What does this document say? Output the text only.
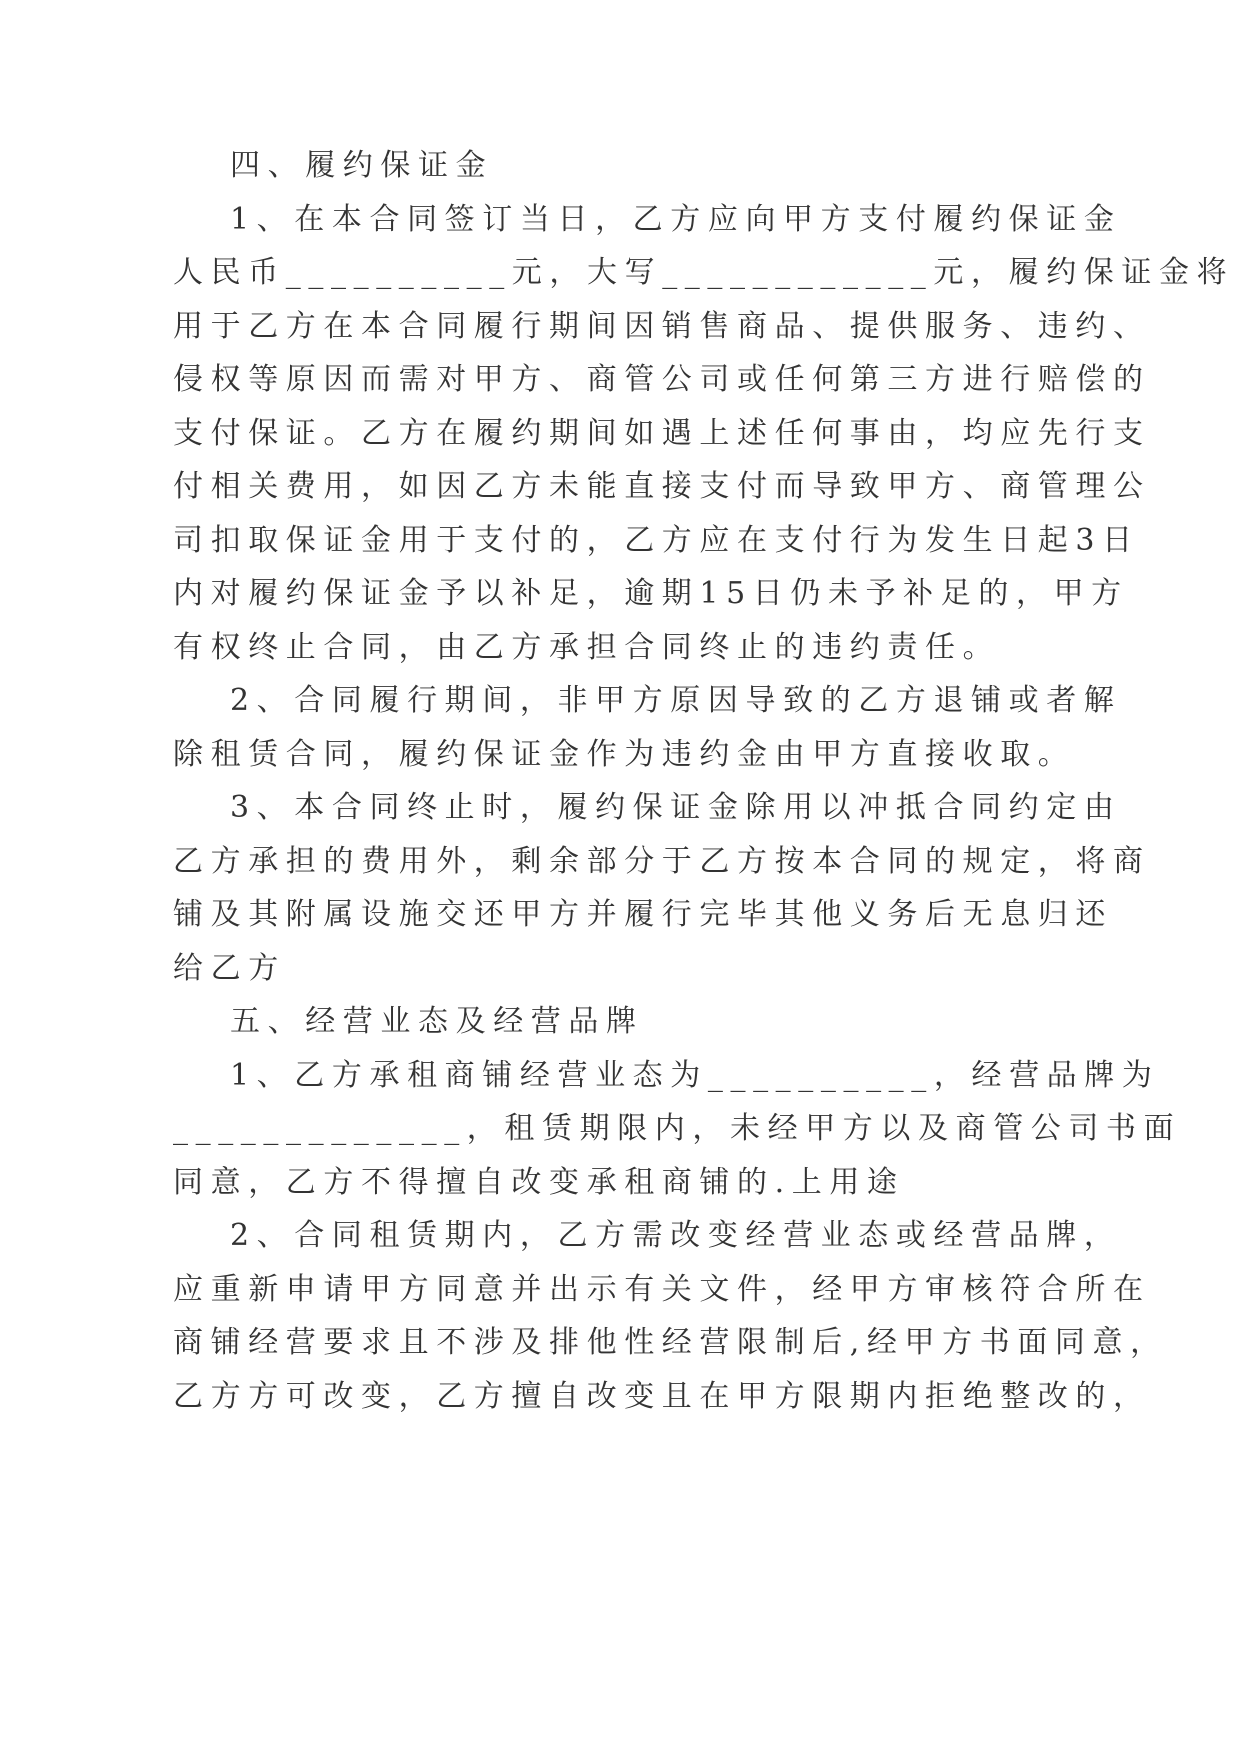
四、履约保证金
1、在本合同签订当日，乙方应向甲方支付履约保证金
人民币__________元，大写____________元，履约保证金将
用于乙方在本合同履行期间因销售商品、提供服务、违约、
侵权等原因而需对甲方、商管公司或任何第三方进行赔偿的
支付保证。乙方在履约期间如遇上述任何事由，均应先行支
付相关费用，如因乙方未能直接支付而导致甲方、商管理公
司扣取保证金用于支付的，乙方应在支付行为发生日起3日
内对履约保证金予以补足，逾期15日仍未予补足的，甲方
有权终止合同，由乙方承担合同终止的违约责任。
2、合同履行期间，非甲方原因导致的乙方退铺或者解
除租赁合同，履约保证金作为违约金由甲方直接收取。
3、本合同终止时，履约保证金除用以冲抵合同约定由
乙方承担的费用外，剩余部分于乙方按本合同的规定，将商
铺及其附属设施交还甲方并履行完毕其他义务后无息归还
给乙方
五、经营业态及经营品牌
1、乙方承租商铺经营业态为__________，经营品牌为
_____________，租赁期限内，未经甲方以及商管公司书面
同意，乙方不得擅自改变承租商铺的.上用途
2、合同租赁期内，乙方需改变经营业态或经营品牌，
应重新申请甲方同意并出示有关文件，经甲方审核符合所在
商铺经营要求且不涉及排他性经营限制后,经甲方书面同意，
乙方方可改变，乙方擅自改变且在甲方限期内拒绝整改的，
